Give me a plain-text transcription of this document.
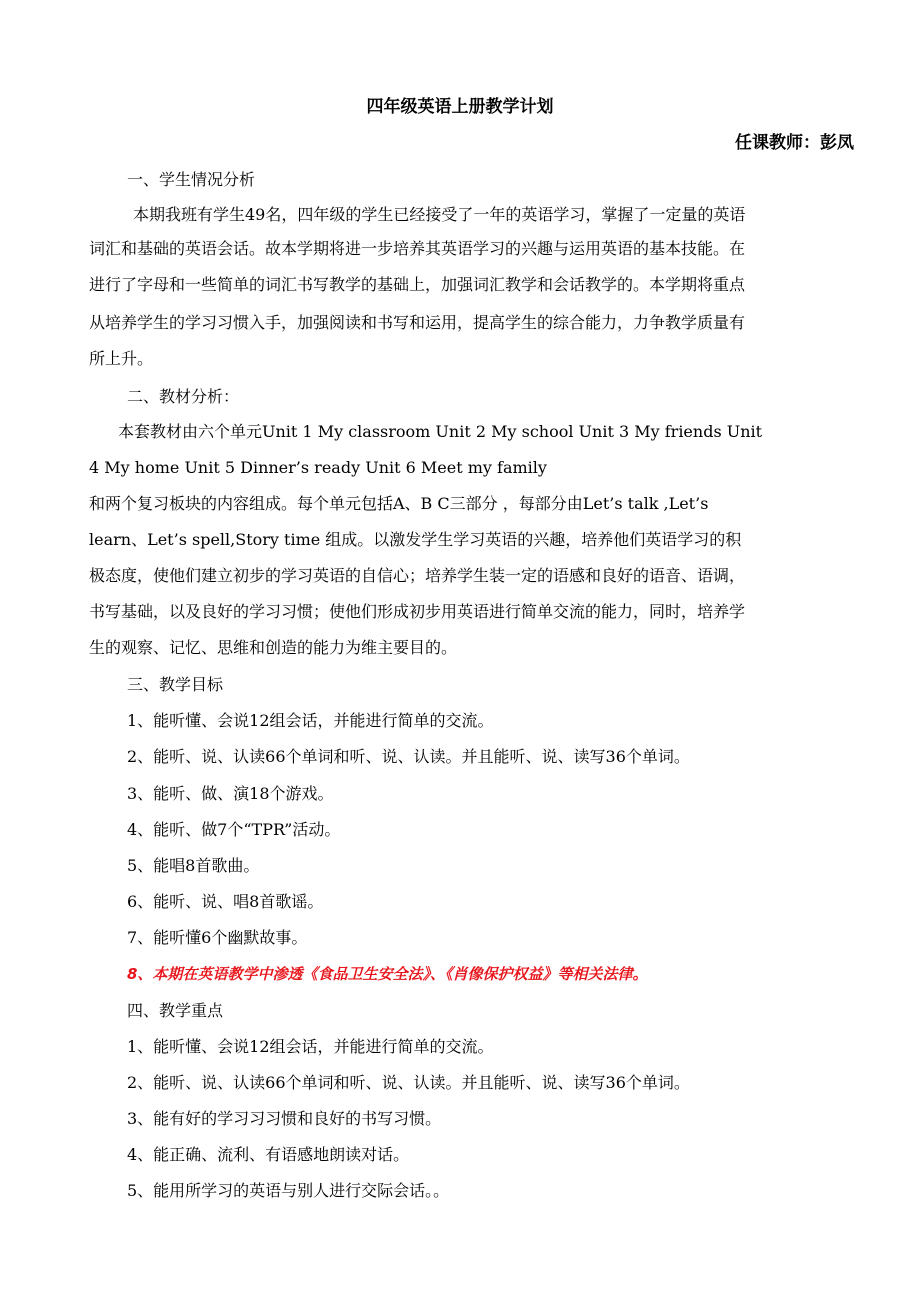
四年级英语上册教学计划
任课教师：彭凤
一、学生情况分析
本期我班有学生49名，四年级的学生已经接受了一年的英语学习，掌握了一定量的英语
词汇和基础的英语会话。故本学期将进一步培养其英语学习的兴趣与运用英语的基本技能。在
进行了字母和一些简单的词汇书写教学的基础上，加强词汇教学和会话教学的。本学期将重点
从培养学生的学习习惯入手，加强阅读和书写和运用，提高学生的综合能力，力争教学质量有
所上升。
二、教材分析：
本套教材由六个单元Unit 1 My classroom Unit 2 My school Unit 3 My friends Unit
4 My home Unit 5 Dinner’s ready Unit 6 Meet my family
和两个复习板块的内容组成。每个单元包括A、B C三部分 ，每部分由Let’s talk ,Let’s
learn、Let’s spell,Story time 组成。以激发学生学习英语的兴趣，培养他们英语学习的积
极态度，使他们建立初步的学习英语的自信心；培养学生装一定的语感和良好的语音、语调，
书写基础，以及良好的学习习惯；使他们形成初步用英语进行简单交流的能力，同时，培养学
生的观察、记忆、思维和创造的能力为维主要目的。
三、教学目标
1、能听懂、会说12组会话，并能进行简单的交流。
2、能听、说、认读66个单词和听、说、认读。并且能听、说、读写36个单词。
3、能听、做、演18个游戏。
4、能听、做7个“TPR”活动。
5、能唱8首歌曲。
6、能听、说、唱8首歌谣。
7、能听懂6个幽默故事。
8、本期在英语教学中渗透《食品卫生安全法》、《肖像保护权益》等相关法律。
四、教学重点
1、能听懂、会说12组会话，并能进行简单的交流。
2、能听、说、认读66个单词和听、说、认读。并且能听、说、读写36个单词。
3、能有好的学习习习惯和良好的书写习惯。
4、能正确、流利、有语感地朗读对话。
5、能用所学习的英语与别人进行交际会话。。
